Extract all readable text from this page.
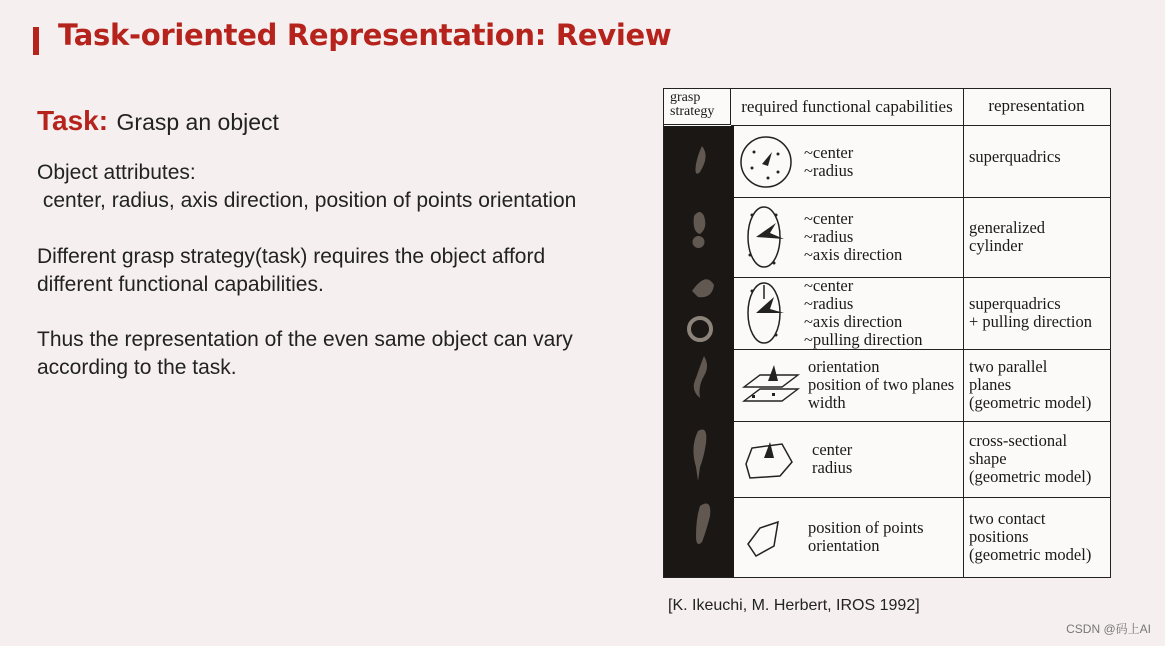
Task-oriented Representation: Review
Task: Grasp an object
Object attributes:
center, radius, axis direction, position of points orientation
Different grasp strategy(task) requires the object afford
different functional capabilities.
Thus the representation of the even same object can vary
according to the task.
grasp
strategy	required functional capabilities	representation
~center
~radius
superquadrics
~center
~radius
~axis direction
generalized
cylinder
~center
~radius
~axis direction
~pulling direction
superquadrics
+ pulling direction
orientation
position of two planes
width
two parallel
planes
(geometric model)
center
radius
cross-sectional
shape
(geometric model)
position of points
orientation
two contact
positions
(geometric model)
[K. Ikeuchi, M. Herbert, IROS 1992]
CSDN @码上AI
